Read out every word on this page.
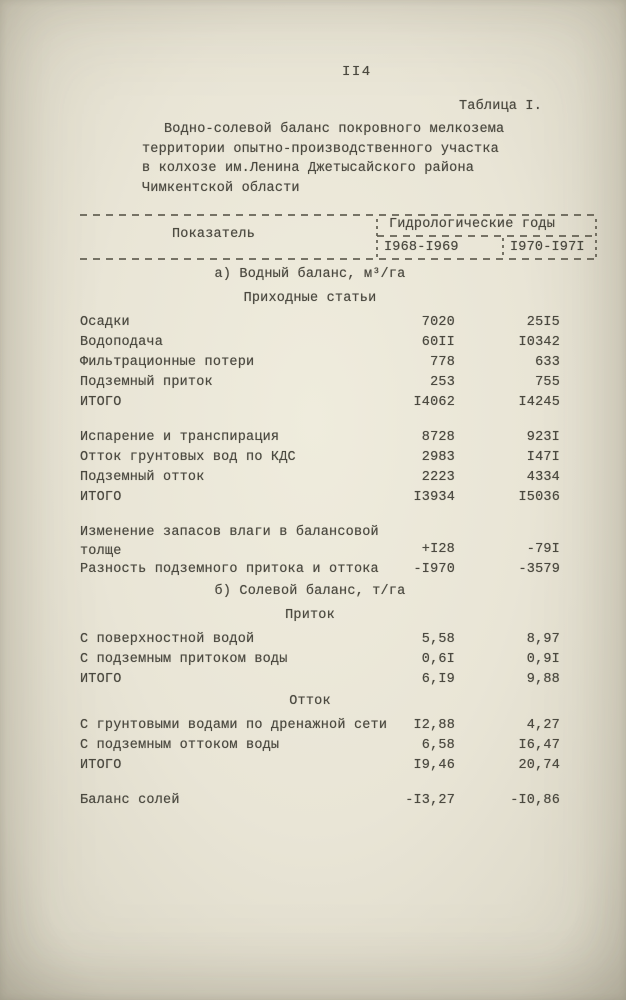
II4
Таблица I.
Водно-солевой баланс покровного мелкозема
территории опытно-производственного участка
в колхозе им.Ленина Джетысайского района
Чимкентской области
Показатель
Гидрологические годы
I968-I969	I970-I97I
а) Водный баланс, м³/га
Приходные статьи
Осадки	7020	25I5
Водоподача	60II	I0342
Фильтрационные потери	778	633
Подземный приток	253	755
ИТОГО	I4062	I4245
Испарение и транспирация	8728	923I
Отток грунтовых вод по КДС	2983	I47I
Подземный отток	2223	4334
ИТОГО	I3934	I5036
Изменение запасов влаги в балансовой
толще	+I28	-79I
Разность подземного притока и оттока	-I970	-3579
б) Солевой баланс, т/га
Приток
С поверхностной водой	5,58	8,97
С подземным притоком воды	0,6I	0,9I
ИТОГО	6,I9	9,88
Отток
С грунтовыми водами по дренажной сети	I2,88	4,27
С подземным оттоком воды	6,58	I6,47
ИТОГО	I9,46	20,74
Баланс солей	-I3,27	-I0,86
